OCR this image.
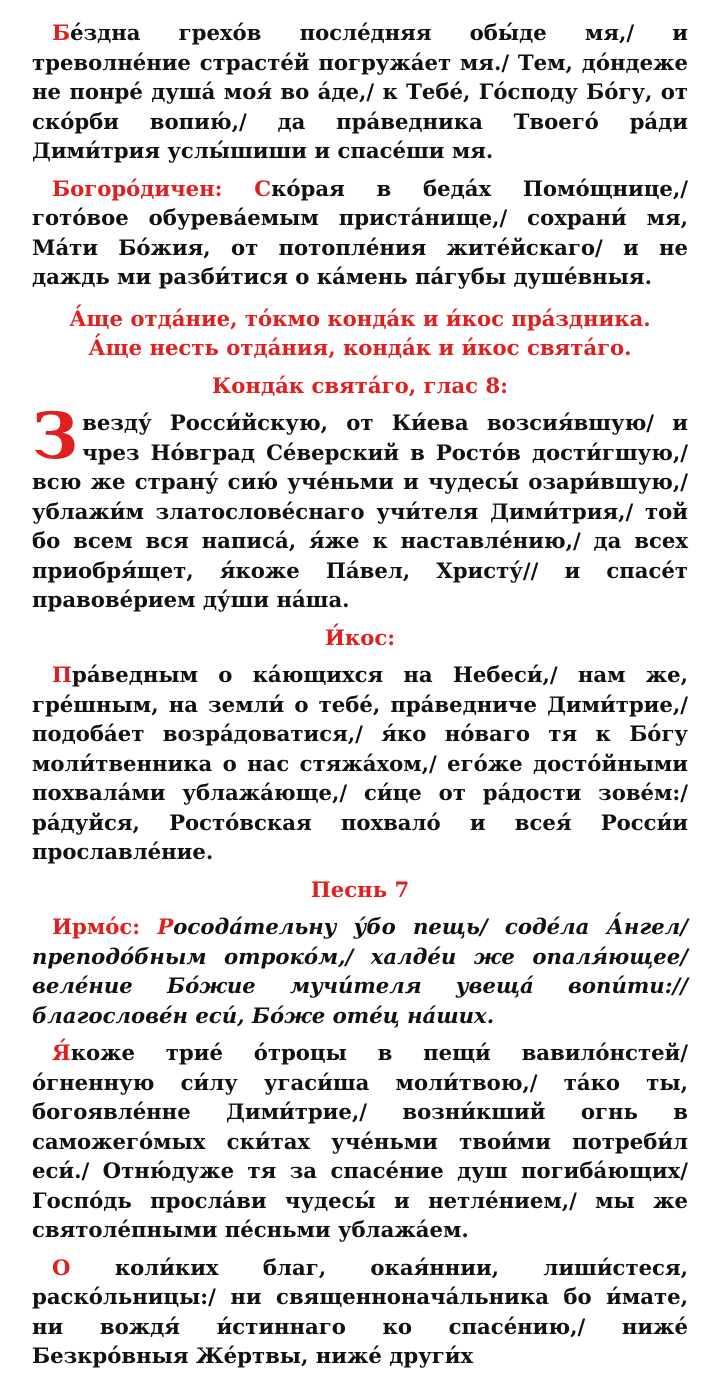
Бе́здна грехо́в после́дняя обы́де мя,/ и треволне́ние страсте́й погружа́ет мя./ Тем, до́ндеже не понре́ душа́ моя́ во а́де,/ к Тебе́, Го́споду Бо́гу, от ско́рби вопию́,/ да пра́ведника Твоего́ ра́ди Дими́трия услы́шиши и спасе́ши мя.

Богоро́дичен: Ско́рая в беда́х Помо́щнице,/ гото́вое обурева́емым приста́нище,/ сохрани́ мя, Ма́ти Бо́жия, от потопле́ния жите́йскаго/ и не даждь ми разби́тися о ка́мень па́губы душе́вныя.

А́ще отда́ние, то́кмо конда́к и и́кос пра́здника.
А́ще несть отда́ния, конда́к и и́кос свята́го.
Конда́к свята́го, глас 8:
Звезду́ Росси́йскую, от Ки́ева возсия́вшую/ и чрез Но́вград Се́верский в Росто́в дости́гшую,/ всю же страну́ сию́ уче́ньми и чудесы́ озари́вшую,/ ублажи́м златослове́снаго учи́теля Дими́трия,/ той бо всем вся написа́, я́же к наставле́нию,/ да всех приобря́щет, я́коже Па́вел, Христу́// и спасе́т правове́рием ду́ши на́ша.
И́кос:

Пра́ведным о ка́ющихся на Небеси́,/ нам же, гре́шным, на земли́ о тебе́, пра́ведниче Дими́трие,/ подоба́ет возра́доватися,/ я́ко но́ваго тя к Бо́гу моли́твенника о нас стяжа́хом,/ его́же досто́йными похвала́ми ублажа́юще,/ си́це от ра́дости зове́м:/ ра́дуйся, Росто́вская похвало́ и всея́ Росси́и прославле́ние.

Песнь 7

Ирмо́с: Росода́тельну у́бо пещь/ соде́ла А́нгел/ преподо́бным отроко́м,/ халде́и же опаля́ющее/ веле́ние Бо́жие мучи́теля увеща́ вопи́ти:// благослове́н еси́, Бо́же оте́ц на́ших.

Я́коже трие́ о́троцы в пещи́ вавило́нстей/ о́гненную си́лу угаси́ша моли́твою,/ та́ко ты, богоявле́нне Дими́трие,/ возни́кший огнь в саможего́мых ски́тах уче́ньми твои́ми потреби́л еси́./ Отню́дуже тя за спасе́ние душ погиба́ющих/ Госпо́дь просла́ви чудесы́ и нетле́нием,/ мы же святоле́пными пе́сньми ублажа́ем.

О коли́ких благ, окая́ннии, лиши́стеся, раско́льницы:/ ни священнонача́льника бо и́мате, ни вождя́ и́стиннаго ко спасе́нию,/ ниже́ Безкро́вныя Же́ртвы, ниже́ други́х
